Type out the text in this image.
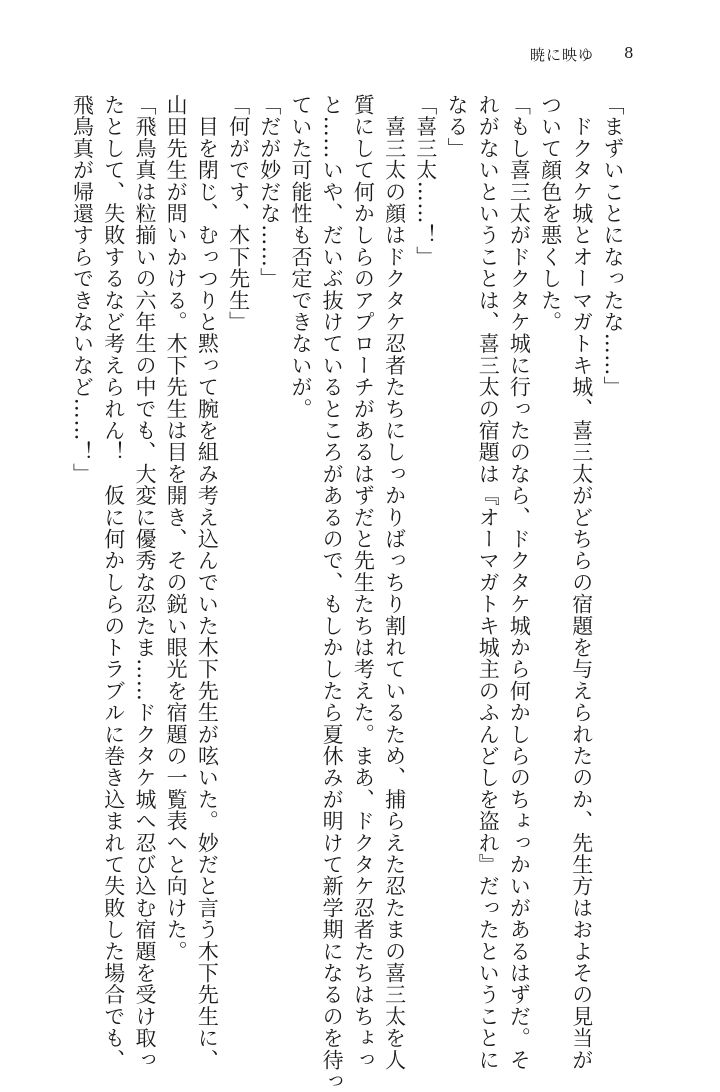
暁に映ゆ 8

「まずいことになったな……」

　ドクタケ城とオーマガトキ城、喜三太がどちらの宿題を与えられたのか、先生方はおよその見当が

ついて顔色を悪くした。

「もし喜三太がドクタケ城に行ったのなら、ドクタケ城から何かしらのちょっかいがあるはずだ。そ

れがないということは、喜三太の宿題は『オーマガトキ城主のふんどしを盗れ』だったということに

なる」

「喜三太……！」

　喜三太の顔はドクタケ忍者たちにしっかりばっちり割れているため、捕らえた忍たまの喜三太を人

質にして何かしらのアプローチがあるはずだと先生たちは考えた。まあ、ドクタケ忍者たちはちょっ

と……いや、だいぶ抜けているところがあるので、もしかしたら夏休みが明けて新学期になるのを待っ

ていた可能性も否定できないが。

「だが妙だな……」

「何がです、木下先生」

　目を閉じ、むっつりと黙って腕を組み考え込んでいた木下先生が呟いた。妙だと言う木下先生に、

山田先生が問いかける。木下先生は目を開き、その鋭い眼光を宿題の一覧表へと向けた。

「飛鳥真は粒揃いの六年生の中でも、大変に優秀な忍たま……ドクタケ城へ忍び込む宿題を受け取っ

たとして、失敗するなど考えられん！　仮に何かしらのトラブルに巻き込まれて失敗した場合でも、

飛鳥真が帰還すらできないなど……！」
